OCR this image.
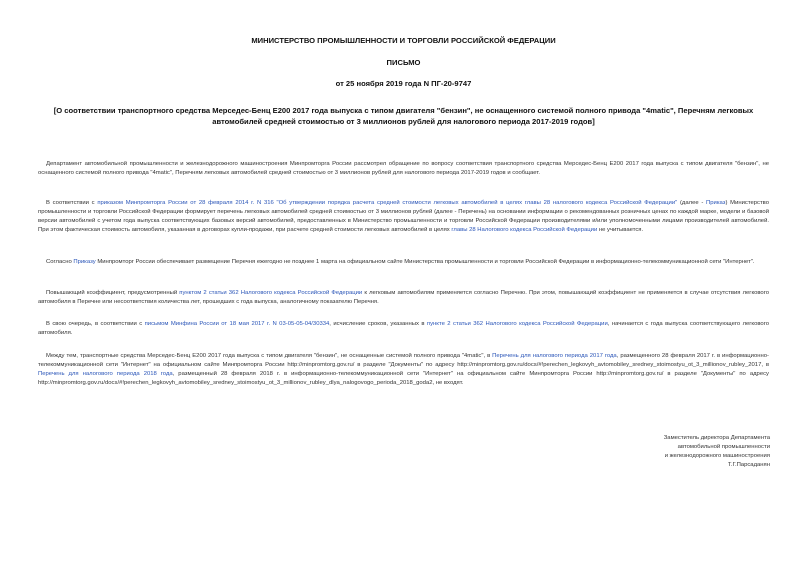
МИНИСТЕРСТВО ПРОМЫШЛЕННОСТИ И ТОРГОВЛИ РОССИЙСКОЙ ФЕДЕРАЦИИ
ПИСЬМО
от 25 ноября 2019 года N ПГ-20-9747
[О соответствии транспортного средства Мерседес-Бенц Е200 2017 года выпуска с типом двигателя "бензин", не оснащенного системой полного привода "4matic", Перечням легковых автомобилей средней стоимостью от 3 миллионов рублей для налогового периода 2017-2019 годов]
Департамент автомобильной промышленности и железнодорожного машиностроения Минпромторга России рассмотрел обращение по вопросу соответствия транспортного средства Мерседес-Бенц Е200 2017 года выпуска с типом двигателя "бензин", не оснащенного системой полного привода "4matic", Перечням легковых автомобилей средней стоимостью от 3 миллионов рублей для налогового периода 2017-2019 годов и сообщает.
В соответствии с приказом Минпромторга России от 28 февраля 2014 г. N 316 "Об утверждении порядка расчета средней стоимости легковых автомобилей в целях главы 28 налогового кодекса Российской Федерации" (далее - Приказ) Министерство промышленности и торговли Российской Федерации формирует перечень легковых автомобилей средней стоимостью от 3 миллионов рублей (далее - Перечень) на основании информации о рекомендованных розничных ценах по каждой марке, модели и базовой версии автомобилей с учетом года выпуска соответствующих базовых версий автомобилей, предоставленных в Министерство промышленности и торговли Российской Федерации производителями и/или уполномоченными лицами производителей автомобилей. При этом фактическая стоимость автомобиля, указанная в договорах купли-продажи, при расчете средней стоимости легковых автомобилей в целях главы 28 Налогового кодекса Российской Федерации не учитывается.
Согласно Приказу Минпромторг России обеспечивает размещение Перечня ежегодно не позднее 1 марта на официальном сайте Министерства промышленности и торговли Российской Федерации в информационно-телекоммуникационной сети "Интернет".
Повышающий коэффициент, предусмотренный пунктом 2 статьи 362 Налогового кодекса Российской Федерации к легковым автомобилям применяется согласно Перечню. При этом, повышающий коэффициент не применяется в случае отсутствия легкового автомобиля в Перечне или несоответствия количества лет, прошедших с года выпуска, аналогичному показателю Перечня.
В свою очередь, в соответствии с письмом Минфина России от 18 мая 2017 г. N 03-05-05-04/30334, исчисление сроков, указанных в пункте 2 статьи 362 Налогового кодекса Российской Федерации, начинается с года выпуска соответствующего легкового автомобиля.
Между тем, транспортные средства Мерседес-Бенц Е200 2017 года выпуска с типом двигателя "бензин", не оснащенные системой полного привода "4matic", в Перечень для налогового периода 2017 года, размещенного 28 февраля 2017 г. в информационно-телекоммуникационной сети "Интернет" на официальном сайте Минпромторга России http://minpromtorg.gov.ru/ в разделе "Документы" по адресу http://minpromtorg.gov.ru/docs/#!perechen_legkovyh_avtomobiley_sredney_stoimostyu_ot_3_millionov_rubley_2017, в Перечень для налогового периода 2018 года, размещенный 28 февраля 2018 г. в информационно-телекоммуникационной сети "Интернет" на официальном сайте Минпромторга России http://minpromtorg.gov.ru/ в разделе "Документы" по адресу http://minpromtorg.gov.ru/docs/#!perechen_legkovyh_avtomobiley_sredney_stoimostyu_ot_3_millionov_rubley_dlya_nalogovogo_perioda_2018_goda2, не входят.
Заместитель директора Департамента
автомобильной промышленности
и железнодорожного машиностроения
Т.Г.Парсаданян
